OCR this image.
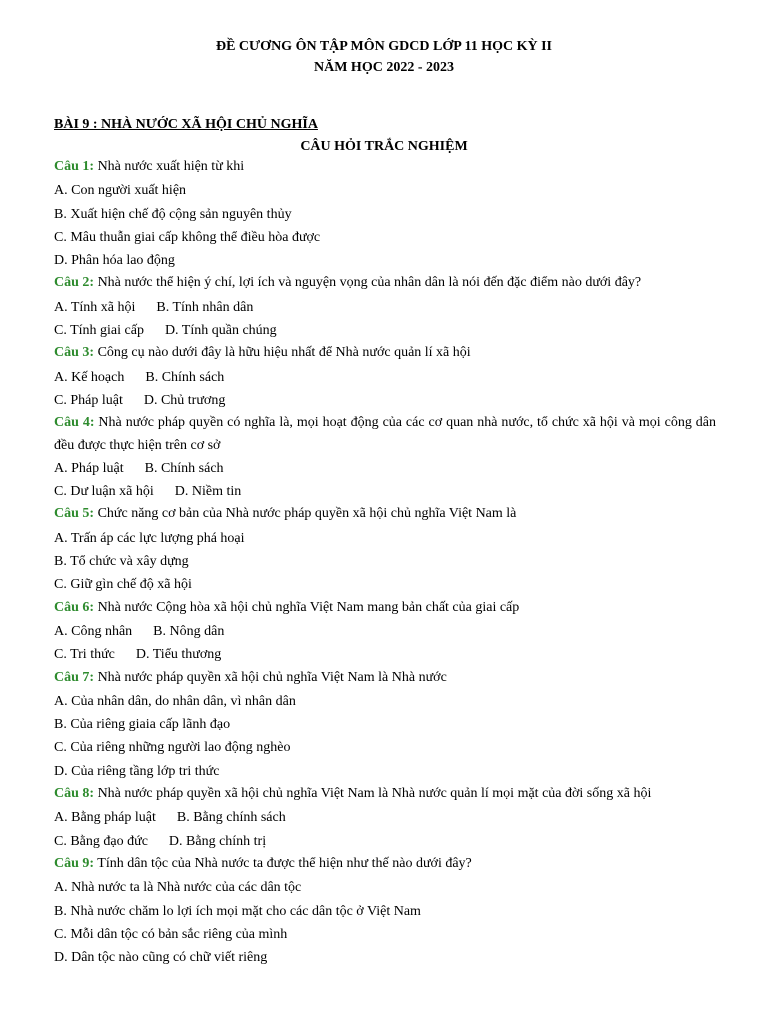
ĐỀ CƯƠNG ÔN TẬP MÔN GDCD LỚP 11 HỌC KỲ II
NĂM HỌC 2022 - 2023
BÀI 9 : NHÀ NƯỚC XÃ HỘI CHỦ NGHĨA
CÂU HỎI TRẮC NGHIỆM
Câu 1: Nhà nước xuất hiện từ khi
A. Con người xuất hiện
B. Xuất hiện chế độ cộng sản nguyên thủy
C. Mâu thuẫn giai cấp không thể điều hòa được
D. Phân hóa lao động
Câu 2: Nhà nước thể hiện ý chí, lợi ích và nguyện vọng của nhân dân là nói đến đặc điểm nào dưới đây?
A. Tính xã hội      B. Tính nhân dân
C. Tính giai cấp      D. Tính quần chúng
Câu 3: Công cụ nào dưới đây là hữu hiệu nhất để Nhà nước quản lí xã hội
A. Kế hoạch      B. Chính sách
C. Pháp luật      D. Chủ trương
Câu 4: Nhà nước pháp quyền có nghĩa là, mọi hoạt động của các cơ quan nhà nước, tổ chức xã hội và mọi công dân đều được thực hiện trên cơ sở
A. Pháp luật      B. Chính sách
C. Dư luận xã hội      D. Niềm tin
Câu 5: Chức năng cơ bản của Nhà nước pháp quyền xã hội chủ nghĩa Việt Nam là
A. Trấn áp các lực lượng phá hoại
B. Tổ chức và xây dựng
C. Giữ gìn chế độ xã hội
Câu 6: Nhà nước Cộng hòa xã hội chủ nghĩa Việt Nam mang bản chất của giai cấp
A. Công nhân      B. Nông dân
C. Tri thức      D. Tiểu thương
Câu 7: Nhà nước pháp quyền xã hội chủ nghĩa Việt Nam là Nhà nước
A. Của nhân dân, do nhân dân, vì nhân dân
B. Của riêng giaia cấp lãnh đạo
C. Của riêng những người lao động nghèo
D. Của riêng tầng lớp tri thức
Câu 8: Nhà nước pháp quyền xã hội chủ nghĩa Việt Nam là Nhà nước quản lí mọi mặt của đời sống xã hội
A. Bằng pháp luật      B. Bằng chính sách
C. Bằng đạo đức      D. Bằng chính trị
Câu 9: Tính dân tộc của Nhà nước ta được thể hiện như thế nào dưới đây?
A. Nhà nước ta là Nhà nước của các dân tộc
B. Nhà nước chăm lo lợi ích mọi mặt cho các dân tộc ở Việt Nam
C. Mỗi dân tộc có bản sắc riêng của mình
D. Dân tộc nào cũng có chữ viết riêng
